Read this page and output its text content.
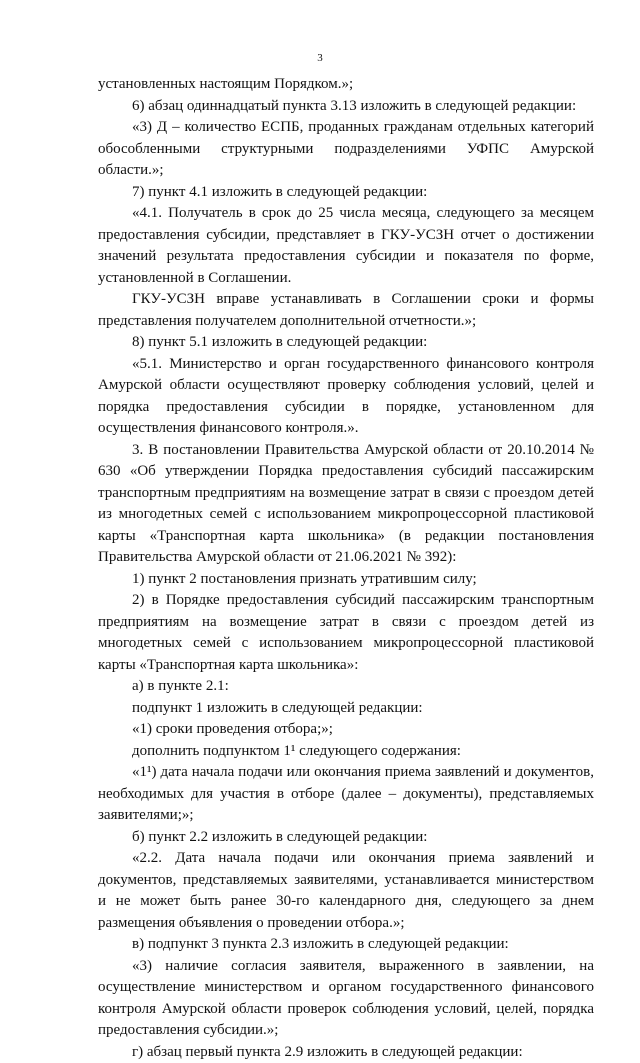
3

установленных настоящим Порядком.»;

6) абзац одиннадцатый пункта 3.13 изложить в следующей редакции:

«3) Д – количество ЕСПБ, проданных гражданам отдельных категорий обособленными структурными подразделениями УФПС Амурской области.»;

7) пункт 4.1 изложить в следующей редакции:

«4.1. Получатель в срок до 25 числа месяца, следующего за месяцем предоставления субсидии, представляет в ГКУ-УСЗН отчет о достижении значений результата предоставления субсидии и показателя по форме, установленной в Соглашении.

ГКУ-УСЗН вправе устанавливать в Соглашении сроки и формы представления получателем дополнительной отчетности.»;

8) пункт 5.1 изложить в следующей редакции:

«5.1. Министерство и орган государственного финансового контроля Амурской области осуществляют проверку соблюдения условий, целей и порядка предоставления субсидии в порядке, установленном для осуществления финансового контроля.».

3. В постановлении Правительства Амурской области от 20.10.2014 № 630 «Об утверждении Порядка предоставления субсидий пассажирским транспортным предприятиям на возмещение затрат в связи с проездом детей из многодетных семей с использованием микропроцессорной пластиковой карты «Транспортная карта школьника» (в редакции постановления Правительства Амурской области от 21.06.2021 № 392):

1) пункт 2 постановления признать утратившим силу;

2) в Порядке предоставления субсидий пассажирским транспортным предприятиям на возмещение затрат в связи с проездом детей из многодетных семей с использованием микропроцессорной пластиковой карты «Транспортная карта школьника»:

а) в пункте 2.1:

подпункт 1 изложить в следующей редакции:

«1) сроки проведения отбора;»;

дополнить подпунктом 1¹ следующего содержания:

«1¹) дата начала подачи или окончания приема заявлений и документов, необходимых для участия в отборе (далее – документы), представляемых заявителями;»;

б) пункт 2.2 изложить в следующей редакции:

«2.2. Дата начала подачи или окончания приема заявлений и документов, представляемых заявителями, устанавливается министерством и не может быть ранее 30-го календарного дня, следующего за днем размещения объявления о проведении отбора.»;

в) подпункт 3 пункта 2.3 изложить в следующей редакции:

«3) наличие согласия заявителя, выраженного в заявлении, на осуществление министерством и органом государственного финансового контроля Амурской области проверок соблюдения условий, целей, порядка предоставления субсидии.»;

г) абзац первый пункта 2.9 изложить в следующей редакции:
